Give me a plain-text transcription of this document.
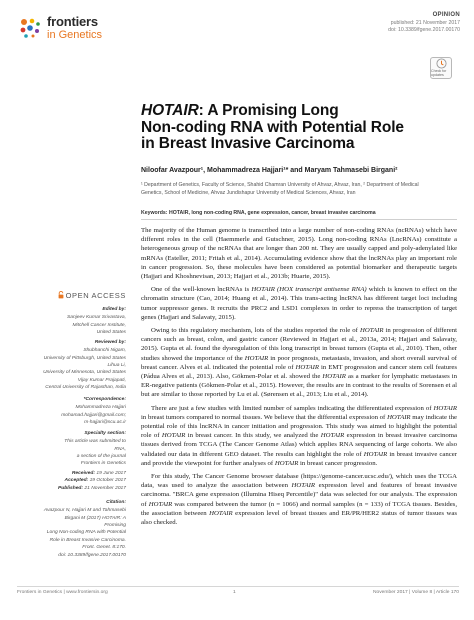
frontiers
in Genetics
OPINION
published: 21 November 2017
doi: 10.3389/fgene.2017.00170
Check for updates
HOTAIR: A Promising Long
Non-coding RNA with Potential Role
in Breast Invasive Carcinoma
Niloofar Avazpour¹, Mohammadreza Hajjari¹* and Maryam Tahmasebi Birgani²
¹ Department of Genetics, Faculty of Science, Shahid Chamran University of Ahvaz, Ahvaz, Iran, ² Department of Medical
Genetics, School of Medicine, Ahvaz Jundishapur University of Medical Sciences, Ahvaz, Iran
Keywords: HOTAIR, long non-coding RNA, gene expression, cancer, breast invasive carcinoma
OPEN ACCESS
Edited by:
Sanjeev Kumar Srivastava,
Mitchell Cancer Institute,
United States
Reviewed by:
Shubhanchi Nigam,
University of Pittsburgh, United States
Lihua Li,
University of Minnesota, United States
Vijay Kumar Prajapati,
Central University of Rajasthan, India
*Correspondence:
Mohammadreza Hajjari
mohamad.hajjari@gmail.com;
m-hajjari@scu.ac.ir
Specialty section:
This article was submitted to
RNA,
a section of the journal
Frontiers in Genetics
Received: 19 June 2017
Accepted: 19 October 2017
Published: 21 November 2017
Citation:
Avazpour N, Hajjari M and Tahmasebi
Birgani M (2017) HOTAIR: A Promising
Long Non-coding RNA with Potential
Role in Breast Invasive Carcinoma.
Front. Genet. 8:170.
doi: 10.3389/fgene.2017.00170

The majority of the Human genome is transcribed into a large number of non-coding RNAs (ncRNAs) which have different roles in the cell (Haemmerle and Gutschner, 2015). Long non-coding RNAs (LncRNAs) constitute a heterogeneous group of the ncRNAs that are longer than 200 nt. They are usually capped and poly-adenylated like mRNAs (Esteller, 2011; Fritah et al., 2014). Accumulating evidence show that the lncRNAs play an important role in cancer progression. So, these molecules have been considered as potential biomarker and therapeutic targets (Hajjari and Khoshnevisan, 2013; Hajjari et al., 2013b; Huarte, 2015).

One of the well-known lncRNAs is HOTAIR (HOX transcript antisense RNA) which is known to effect on the chromatin structure (Cao, 2014; Huang et al., 2014). This trans-acting lncRNA has different target loci including tumor suppressor genes. It recruits the PRC2 and LSD1 complexes in order to repress the transcription of target genes (Hajjari and Salavaty, 2015).

Owing to this regulatory mechanism, lots of the studies reported the role of HOTAIR in progression of different cancers such as breast, colon, and gastric cancer (Reviewed in Hajjari et al., 2013a, 2014; Hajjari and Salavaty, 2015). Gupta et al. found the dysregulation of this long transcript in breast tumors (Gupta et al., 2010). Then, other studies showed the importance of the HOTAIR in poor prognosis, metastasis, invasion, and short overall survival of breast cancer. Alves et al. indicated the potential role of HOTAIR in EMT progression and cancer stem cell features (Pádua Alves et al., 2013). Also, Gökmen-Polar et al. showed the HOTAIR as a marker for lymphatic metastases in ER-negative patients (Gökmen-Polar et al., 2015). However, the results are in contrast to the results of Sorensen et al but are similar to those reported by Lu et al. (Sørensen et al., 2013; Liu et al., 2014).

There are just a few studies with limited number of samples indicating the differentiated expression of HOTAIR in breast tumors compared to normal tissues. We believe that the differential expression of HOTAIR may indicate the potential role of this lncRNA in cancer initiation and progression. This study was aimed to highlight the potential role of HOTAIR in breast cancer. In this study, we analyzed the HOTAIR expression in breast invasive carcinoma tissues derived from TCGA (The Cancer Genome Atlas) which applies RNA sequencing of large cohorts. We also validated our data in different GEO dataset. The results can highlight the role of HOTAIR in breast invasive cancer and provide the viewpoint for further analyses of HOTAIR in breast cancer progression.

For this study, The Cancer Genome browser database (https://genome-cancer.ucsc.edu/), which uses the TCGA data, was used to analyze the association between HOTAIR expression level and features of breast invasive carcinoma. "BRCA gene expression (Illumina Hiseq Percentile)" data was selected for our analysis. The expression of HOTAIR was compared between the tumor (n = 1066) and normal samples (n = 133) of TCGA tissues. Besides, the association between HOTAIR expression level of breast tissues and ER/PR/HER2 status of tumor tissues was also checked.

Frontiers in Genetics | www.frontiersin.org	1	November 2017 | Volume 8 | Article 170
